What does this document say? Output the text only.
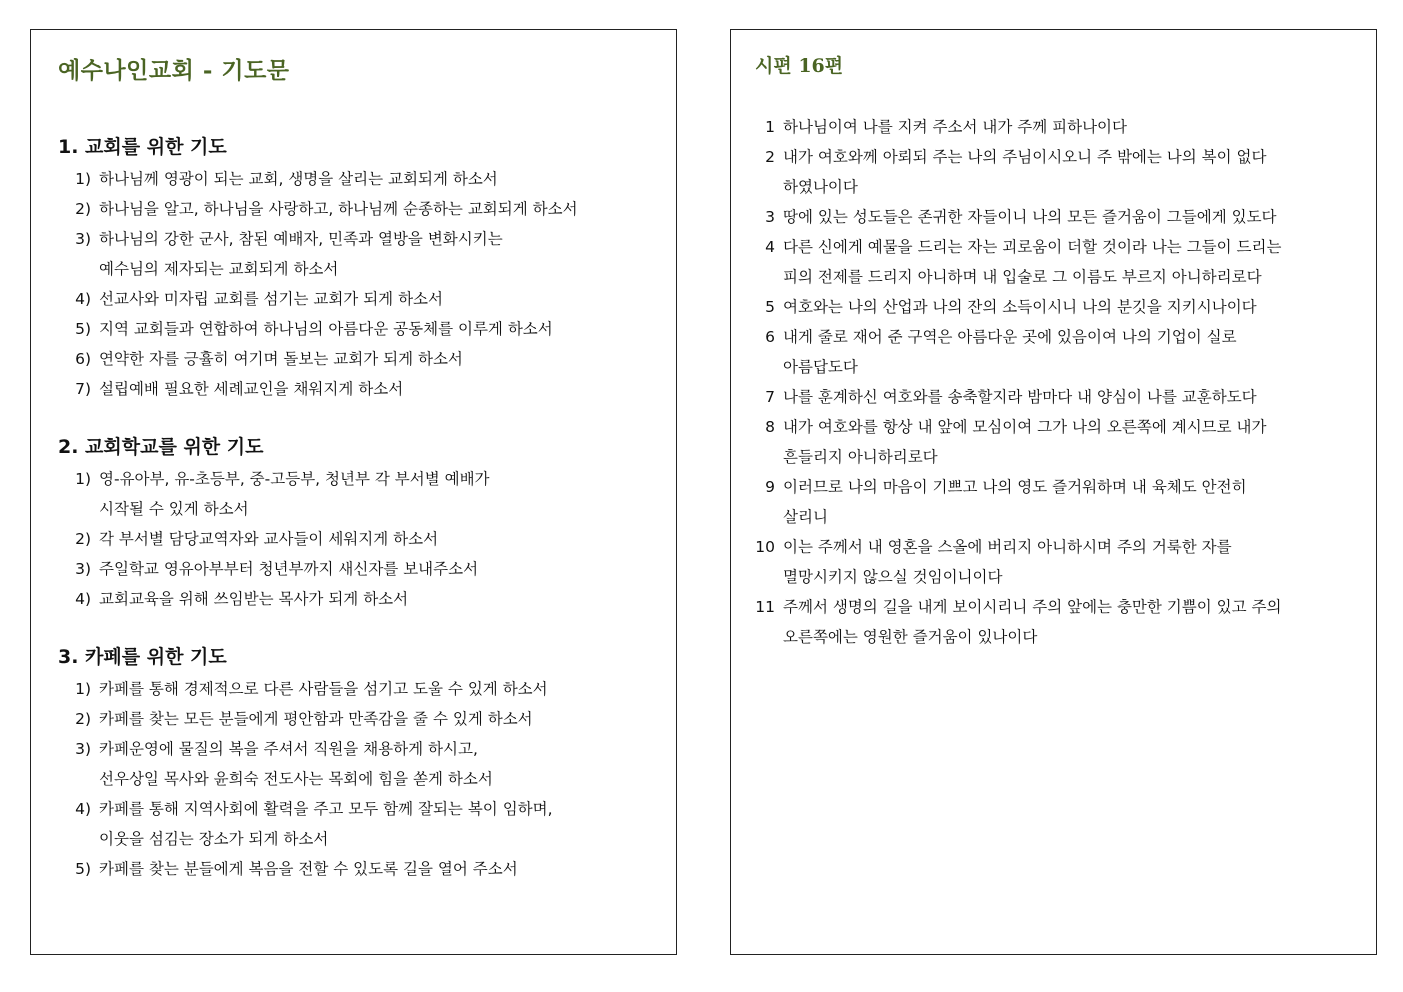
예수나인교회 - 기도문
1. 교회를 위한 기도
1) 하나님께 영광이 되는 교회, 생명을 살리는 교회되게 하소서
2) 하나님을 알고, 하나님을 사랑하고, 하나님께 순종하는 교회되게 하소서
3) 하나님의 강한 군사, 참된 예배자, 민족과 열방을 변화시키는
예수님의 제자되는 교회되게 하소서
4) 선교사와 미자립 교회를 섬기는 교회가 되게 하소서
5) 지역 교회들과 연합하여 하나님의 아름다운 공동체를 이루게 하소서
6) 연약한 자를 긍휼히 여기며 돌보는 교회가 되게 하소서
7) 설립예배 필요한 세례교인을 채워지게 하소서
2. 교회학교를 위한 기도
1) 영-유아부, 유-초등부, 중-고등부, 청년부 각 부서별 예배가
시작될 수 있게 하소서
2) 각 부서별 담당교역자와 교사들이 세워지게 하소서
3) 주일학교 영유아부부터 청년부까지 새신자를 보내주소서
4) 교회교육을 위해 쓰임받는 목사가 되게 하소서
3. 카페를 위한 기도
1) 카페를 통해 경제적으로 다른 사람들을 섬기고 도울 수 있게 하소서
2) 카페를 찾는 모든 분들에게 평안함과 만족감을 줄 수 있게 하소서
3) 카페운영에 물질의 복을 주셔서 직원을 채용하게 하시고,
선우상일 목사와 윤희숙 전도사는 목회에 힘을 쏟게 하소서
4) 카페를 통해 지역사회에 활력을 주고 모두 함께 잘되는 복이 임하며,
이웃을 섬김는 장소가 되게 하소서
5) 카페를 찾는 분들에게 복음을 전할 수 있도록 길을 열어 주소서
시편 16편
1 하나님이여 나를 지켜 주소서 내가 주께 피하나이다
2 내가 여호와께 아뢰되 주는 나의 주님이시오니 주 밖에는 나의 복이 없다
하였나이다
3 땅에 있는 성도들은 존귀한 자들이니 나의 모든 즐거움이 그들에게 있도다
4 다른 신에게 예물을 드리는 자는 괴로움이 더할 것이라 나는 그들이 드리는
피의 전제를 드리지 아니하며 내 입술로 그 이름도 부르지 아니하리로다
5 여호와는 나의 산업과 나의 잔의 소득이시니 나의 분깃을 지키시나이다
6 내게 줄로 재어 준 구역은 아름다운 곳에 있음이여 나의 기업이 실로
아름답도다
7 나를 훈계하신 여호와를 송축할지라 밤마다 내 양심이 나를 교훈하도다
8 내가 여호와를 항상 내 앞에 모심이여 그가 나의 오른쪽에 계시므로 내가
흔들리지 아니하리로다
9 이러므로 나의 마음이 기쁘고 나의 영도 즐거워하며 내 육체도 안전히
살리니
10 이는 주께서 내 영혼을 스올에 버리지 아니하시며 주의 거룩한 자를
멸망시키지 않으실 것임이니이다
11 주께서 생명의 길을 내게 보이시리니 주의 앞에는 충만한 기쁨이 있고 주의
오른쪽에는 영원한 즐거움이 있나이다
